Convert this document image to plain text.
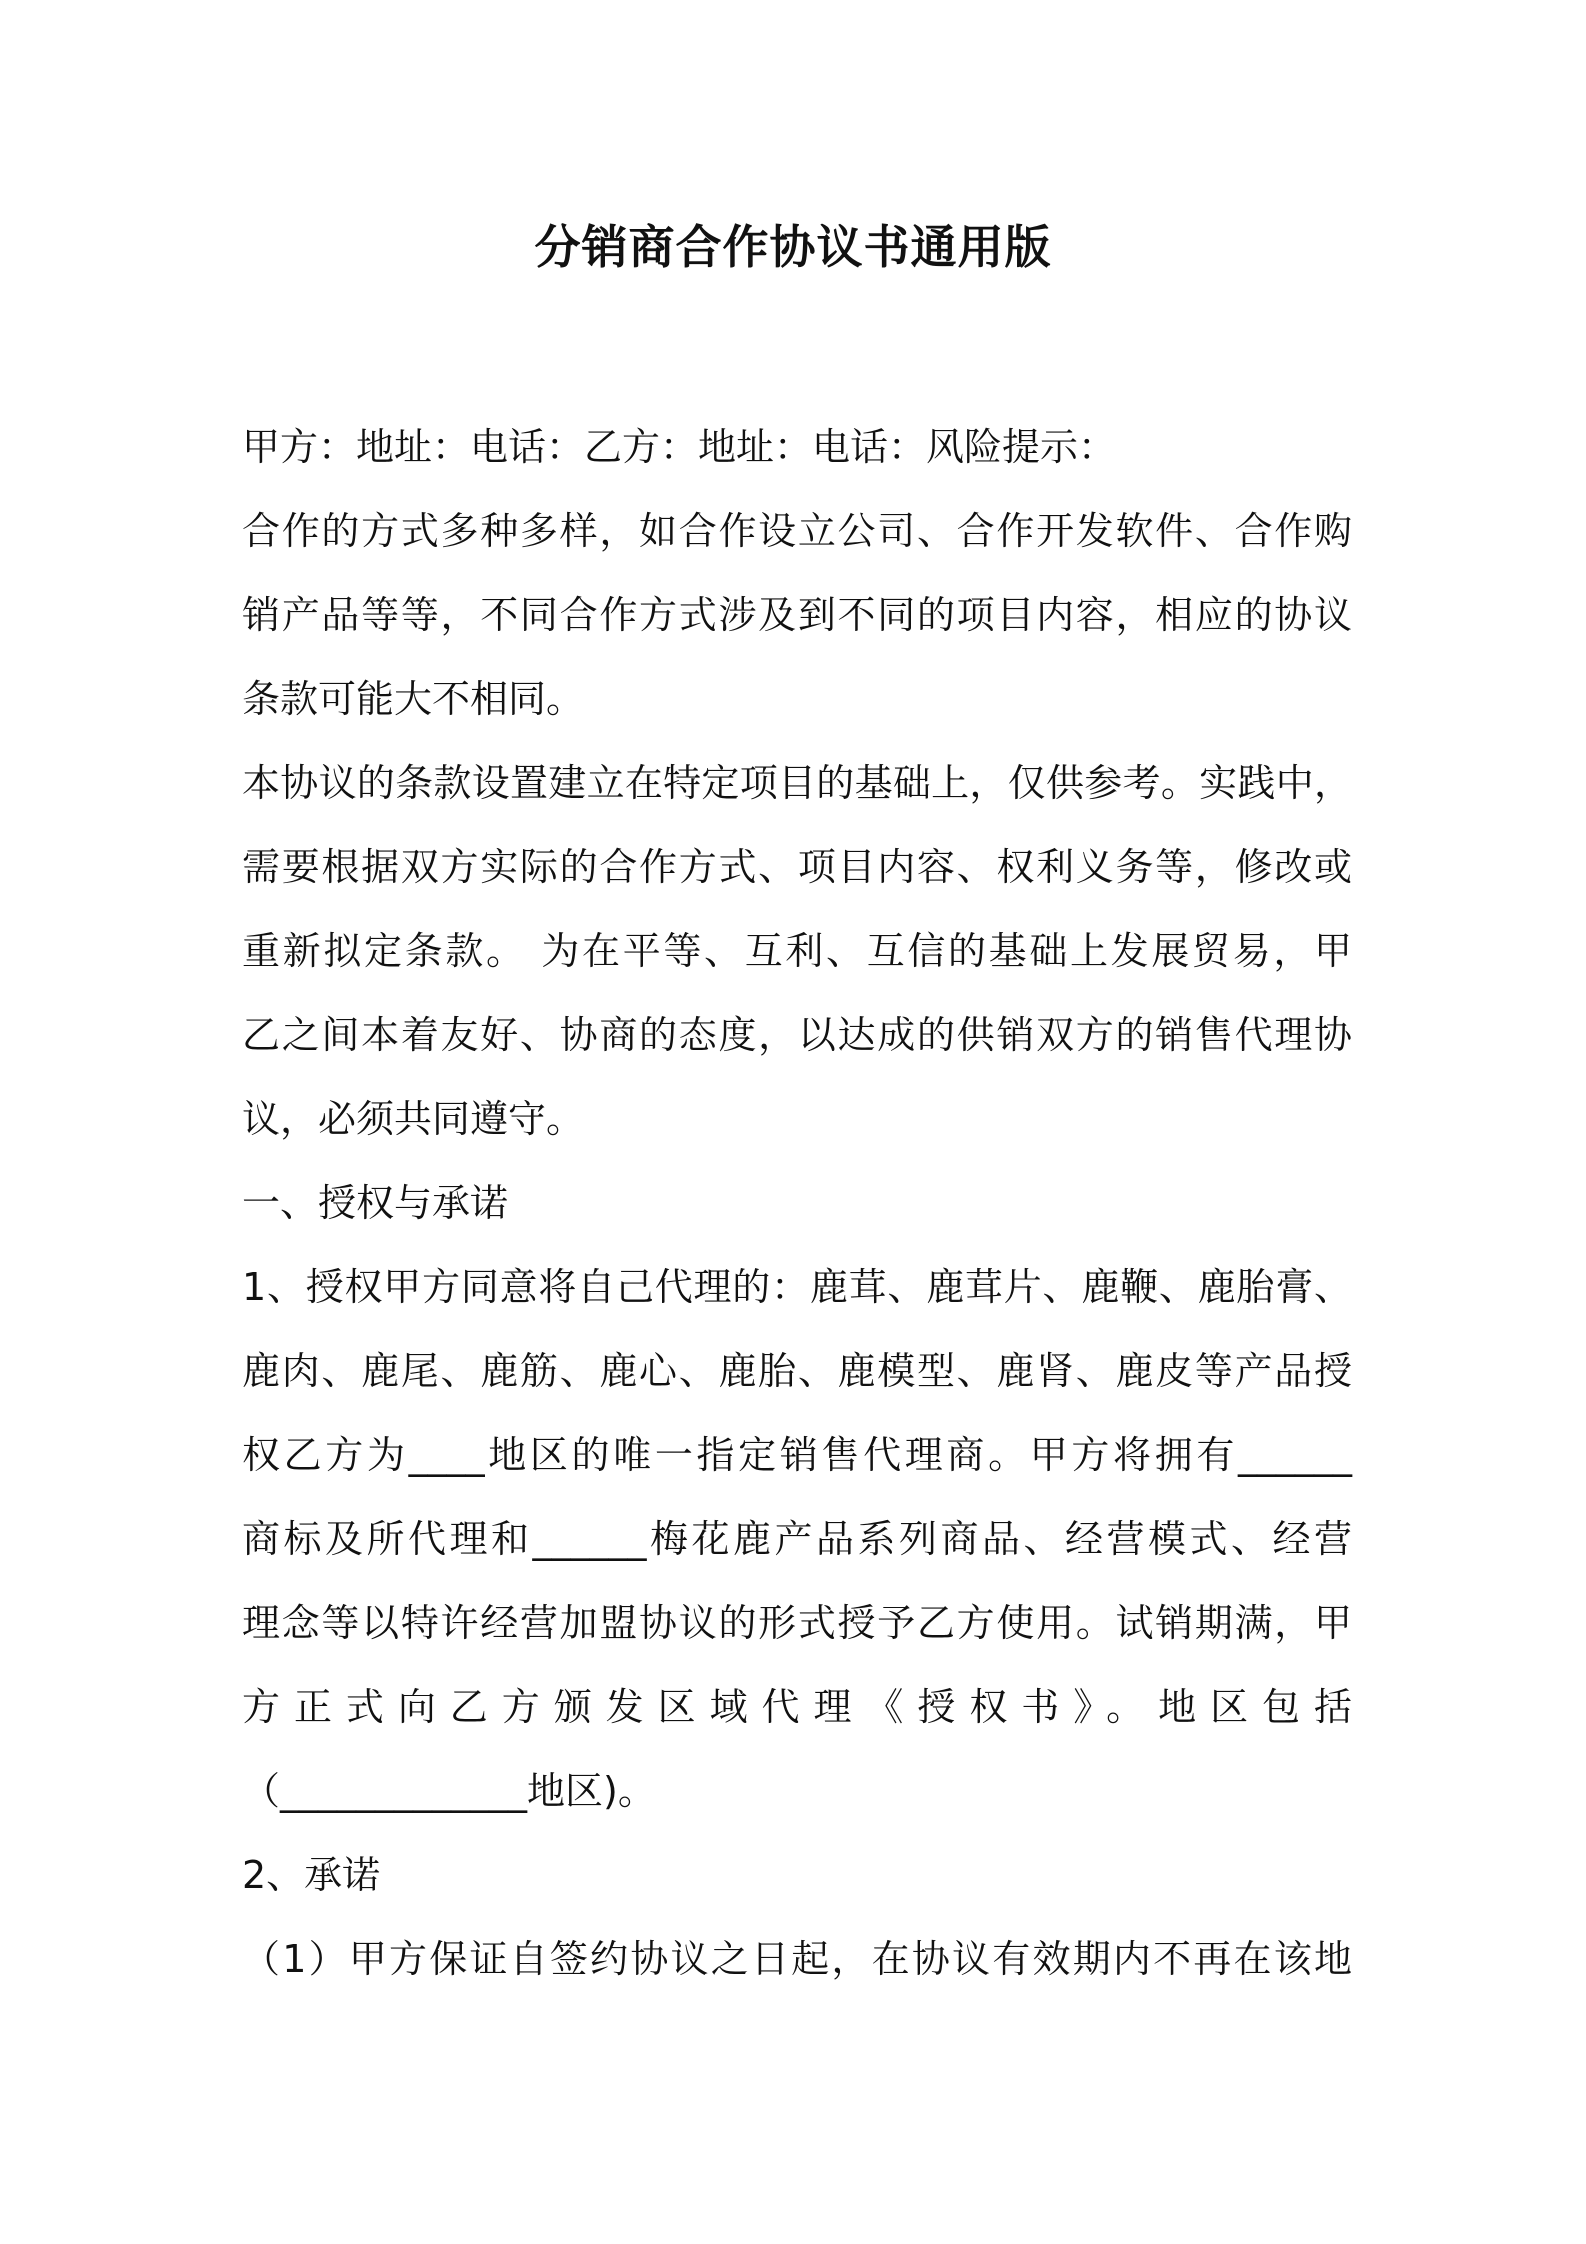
分销商合作协议书通用版

甲方：地址：电话：乙方：地址：电话：风险提示：

合作的方式多种多样，如合作设立公司、合作开发软件、合作购

销产品等等，不同合作方式涉及到不同的项目内容，相应的协议

条款可能大不相同。

本协议的条款设置建立在特定项目的基础上，仅供参考。实践中，

需要根据双方实际的合作方式、项目内容、权利义务等，修改或

重新拟定条款。 为在平等、互利、互信的基础上发展贸易，甲

乙之间本着友好、协商的态度，以达成的供销双方的销售代理协

议，必须共同遵守。

一、授权与承诺

1、授权甲方同意将自己代理的：鹿茸、鹿茸片、鹿鞭、鹿胎膏、

鹿肉、鹿尾、鹿筋、鹿心、鹿胎、鹿模型、鹿肾、鹿皮等产品授

权乙方为____地区的唯一指定销售代理商。甲方将拥有______

商标及所代理和______梅花鹿产品系列商品、经营模式、经营

理念等以特许经营加盟协议的形式授予乙方使用。试销期满，甲

方正式向乙方颁发区域代理《授权书》。地区包括

（_____________地区)。

2、承诺

（1）甲方保证自签约协议之日起，在协议有效期内不再在该地
